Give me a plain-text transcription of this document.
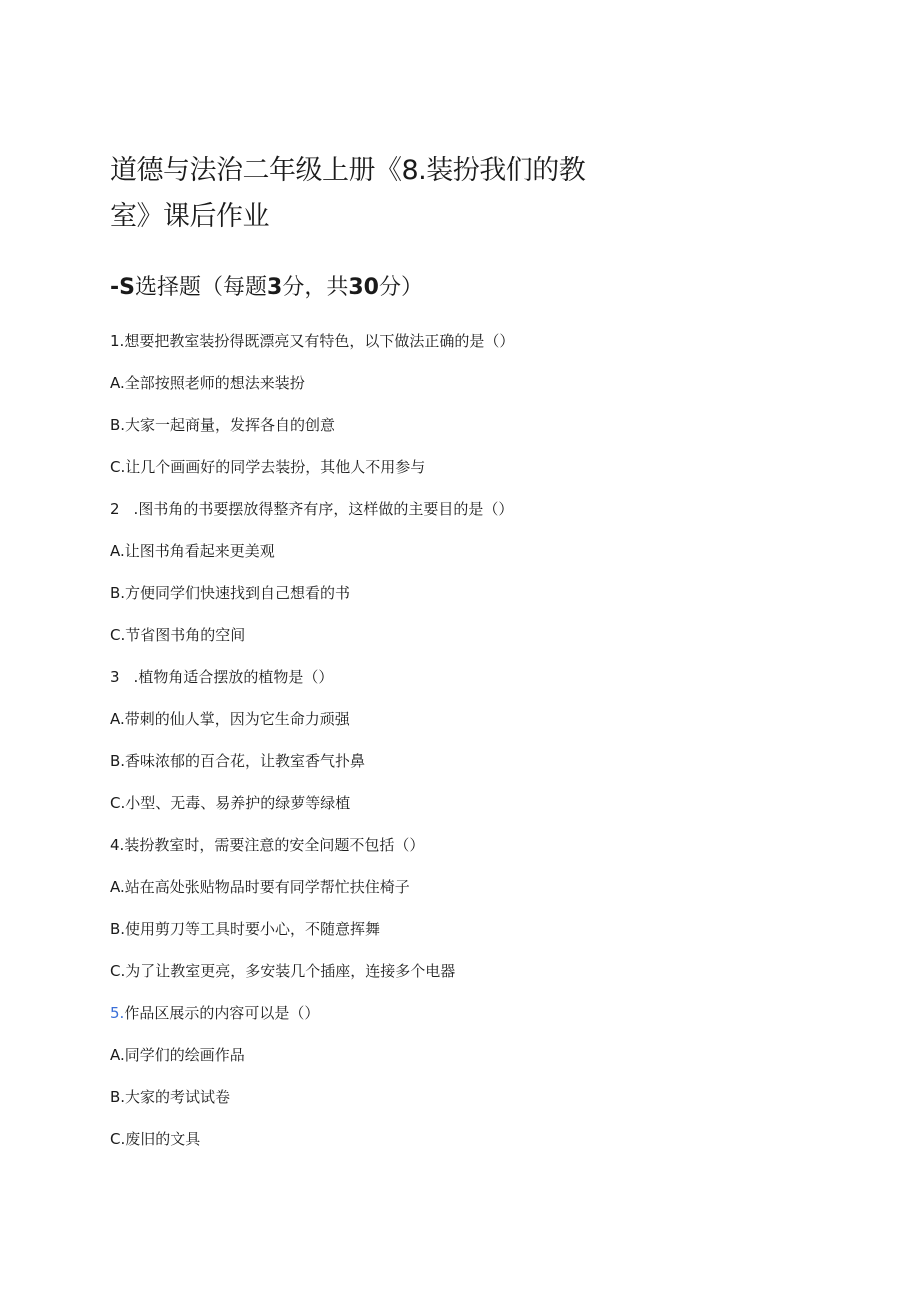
道德与法治二年级上册《8.装扮我们的教
室》课后作业
-S选择题（每题3分，共30分）
1.想要把教室装扮得既漂亮又有特色，以下做法正确的是（）
A.全部按照老师的想法来装扮
B.大家一起商量，发挥各自的创意
C.让几个画画好的同学去装扮，其他人不用参与
2 .图书角的书要摆放得整齐有序，这样做的主要目的是（）
A.让图书角看起来更美观
B.方便同学们快速找到自己想看的书
C.节省图书角的空间
3 .植物角适合摆放的植物是（）
A.带刺的仙人掌，因为它生命力顽强
B.香味浓郁的百合花，让教室香气扑鼻
C.小型、无毒、易养护的绿萝等绿植
4.装扮教室时，需要注意的安全问题不包括（）
A.站在高处张贴物品时要有同学帮忙扶住椅子
B.使用剪刀等工具时要小心，不随意挥舞
C.为了让教室更亮，多安装几个插座，连接多个电器
5.作品区展示的内容可以是（）
A.同学们的绘画作品
B.大家的考试试卷
C.废旧的文具
